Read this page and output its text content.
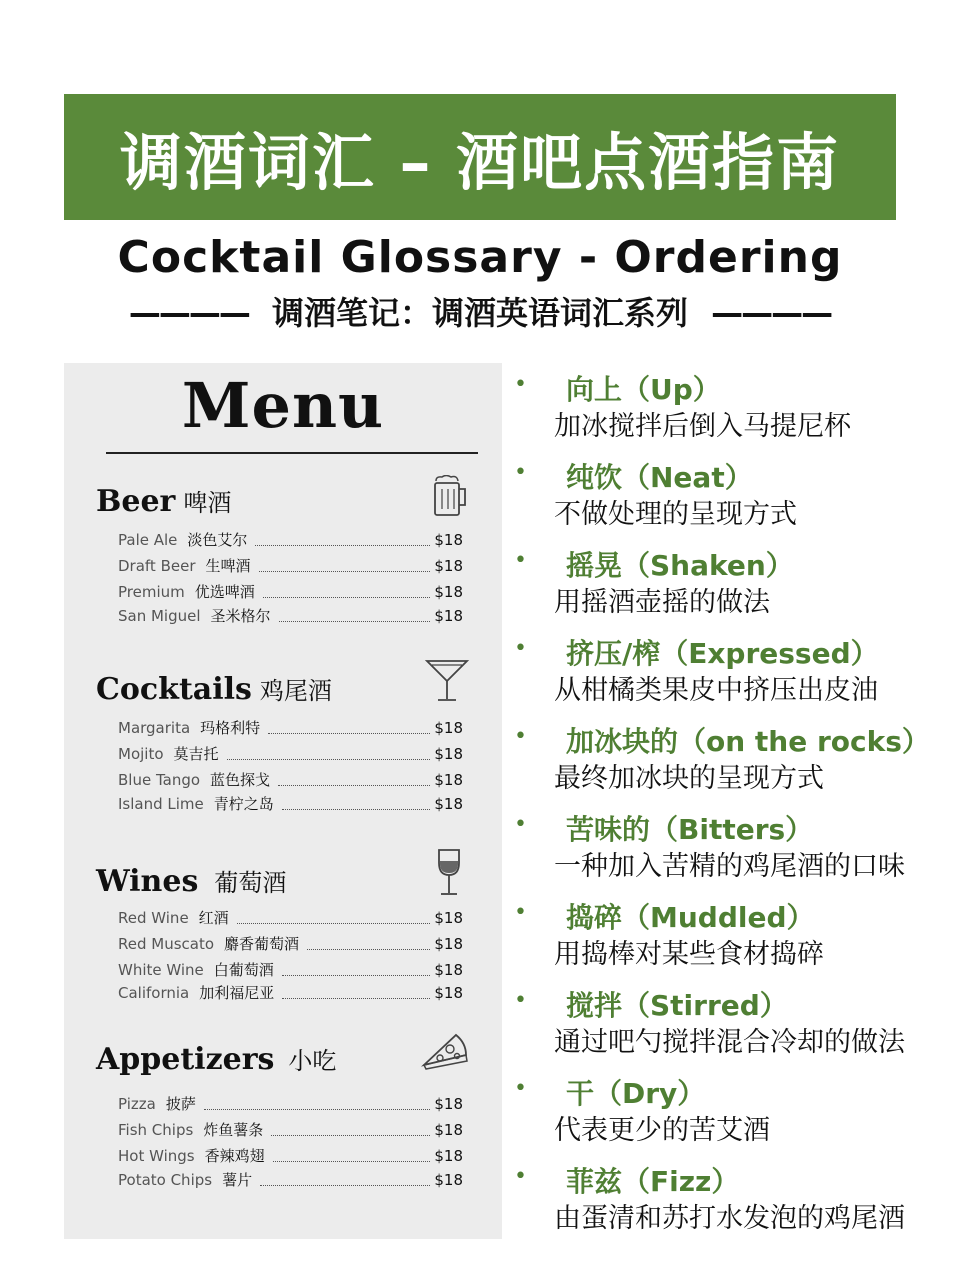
调酒词汇 – 酒吧点酒指南
Cocktail Glossary - Ordering
———— 调酒笔记：调酒英语词汇系列 ————
Menu
Beer 啤酒
Pale Ale 淡色艾尔	$18
Draft Beer 生啤酒	$18
Premium 优选啤酒	$18
San Miguel 圣米格尔	$18
Cocktails 鸡尾酒
Margarita 玛格利特	$18
Mojito 莫吉托	$18
Blue Tango 蓝色探戈	$18
Island Lime 青柠之岛	$18
Wines 葡萄酒
Red Wine 红酒	$18
Red Muscato 麝香葡萄酒	$18
White Wine 白葡萄酒	$18
California 加利福尼亚	$18
Appetizers 小吃
Pizza 披萨	$18
Fish Chips 炸鱼薯条	$18
Hot Wings 香辣鸡翅	$18
Potato Chips 薯片	$18
• 向上（Up）
加冰搅拌后倒入马提尼杯
• 纯饮（Neat）
不做处理的呈现方式
• 摇晃（Shaken）
用摇酒壶摇的做法
• 挤压/榨（Expressed）
从柑橘类果皮中挤压出皮油
• 加冰块的（on the rocks）
最终加冰块的呈现方式
• 苦味的（Bitters）
一种加入苦精的鸡尾酒的口味
• 捣碎（Muddled）
用捣棒对某些食材捣碎
• 搅拌（Stirred）
通过吧勺搅拌混合冷却的做法
• 干（Dry）
代表更少的苦艾酒
• 菲兹（Fizz）
由蛋清和苏打水发泡的鸡尾酒
